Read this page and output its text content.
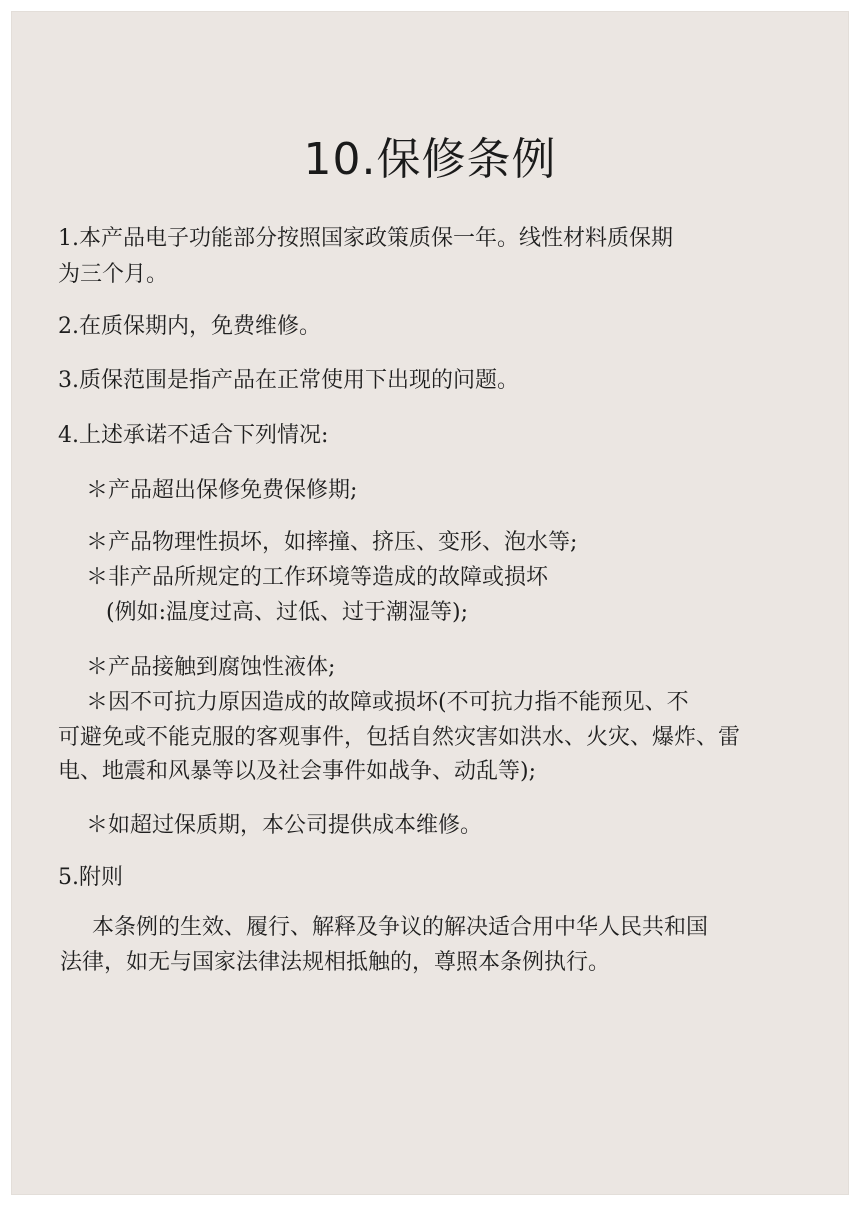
10.保修条例
1.本产品电子功能部分按照国家政策质保一年。线性材料质保期
为三个月。
2.在质保期内，免费维修。
3.质保范围是指产品在正常使用下出现的问题。
4.上述承诺不适合下列情况:
＊产品超出保修免费保修期;
＊产品物理性损坏，如摔撞、挤压、变形、泡水等;
＊非产品所规定的工作环境等造成的故障或损坏
(例如:温度过高、过低、过于潮湿等);
＊产品接触到腐蚀性液体;
＊因不可抗力原因造成的故障或损坏(不可抗力指不能预见、不
可避免或不能克服的客观事件，包括自然灾害如洪水、火灾、爆炸、雷
电、地震和风暴等以及社会事件如战争、动乱等);
＊如超过保质期，本公司提供成本维修。
5.附则
本条例的生效、履行、解释及争议的解决适合用中华人民共和国
法律，如无与国家法律法规相抵触的，尊照本条例执行。
